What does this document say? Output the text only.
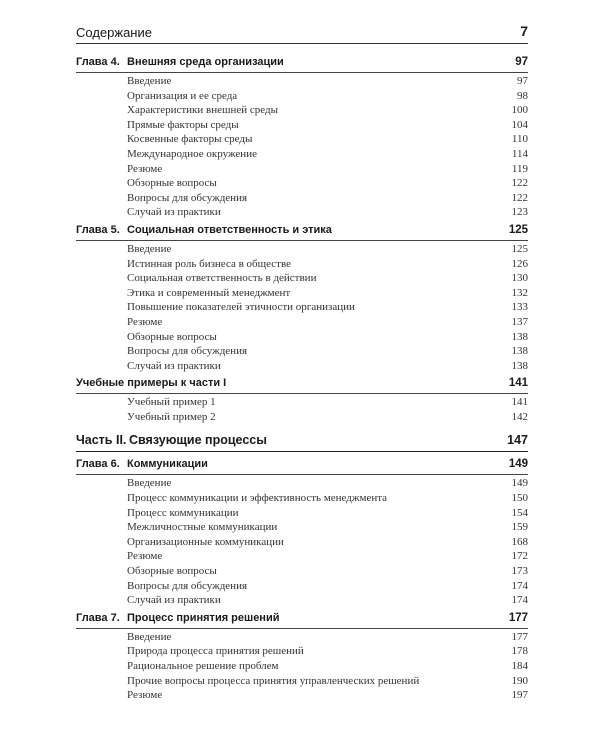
Содержание	7
Глава 4. Внешняя среда организации	97
Введение	97
Организация и ее среда	98
Характеристики внешней среды	100
Прямые факторы среды	104
Косвенные факторы среды	110
Международное окружение	114
Резюме	119
Обзорные вопросы	122
Вопросы для обсуждения	122
Случай из практики	123
Глава 5. Социальная ответственность и этика	125
Введение	125
Истинная роль бизнеса в обществе	126
Социальная ответственность в действии	130
Этика и современный менеджмент	132
Повышение показателей этичности организации	133
Резюме	137
Обзорные вопросы	138
Вопросы для обсуждения	138
Случай из практики	138
Учебные примеры к части I	141
Учебный пример 1	141
Учебный пример 2	142
Часть II. Связующие процессы	147
Глава 6. Коммуникации	149
Введение	149
Процесс коммуникации и эффективность менеджмента	150
Процесс коммуникации	154
Межличностные коммуникации	159
Организационные коммуникации	168
Резюме	172
Обзорные вопросы	173
Вопросы для обсуждения	174
Случай из практики	174
Глава 7. Процесс принятия решений	177
Введение	177
Природа процесса принятия решений	178
Рациональное решение проблем	184
Прочие вопросы процесса принятия управленческих решений	190
Резюме	197
